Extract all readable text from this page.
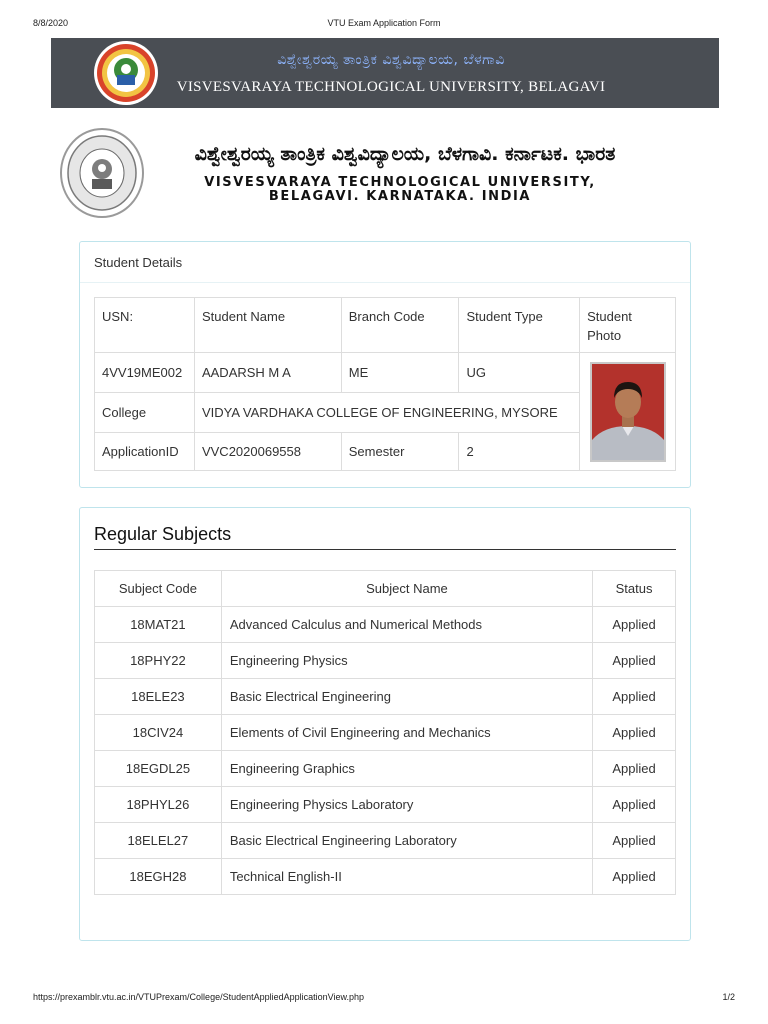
8/8/2020	VTU Exam Application Form
ವಿಶ್ವೇಶ್ವರಯ್ಯ ತಾಂತ್ರಿಕ ವಿಶ್ವವಿದ್ಯಾಲಯ, ಬೆಳಗಾವಿ
VISVESVARAYA TECHNOLOGICAL UNIVERSITY, BELAGAVI
ವಿಶ್ವೇಶ್ವರಯ್ಯ ತಾಂತ್ರಿಕ ವಿಶ್ವವಿದ್ಯಾಲಯ, ಬೆಳಗಾವಿ. ಕರ್ನಾಟಕ. ಭಾರತ
VISVESVARAYA TECHNOLOGICAL UNIVERSITY,
BELAGAVI. KARNATAKA. INDIA
Student Details
USN:	Student Name	Branch Code	Student Type	Student
Photo

4VV19ME002	AADARSH M A	ME	UG	

College	VIDYA VARDHAKA COLLEGE OF ENGINEERING, MYSORE			
ApplicationID	VVC2020069558	Semester	2	
Regular Subjects
Subject Code	Subject Name	Status
18MAT21	Advanced Calculus and Numerical Methods	Applied
18PHY22	Engineering Physics	Applied
18ELE23	Basic Electrical Engineering	Applied
18CIV24	Elements of Civil Engineering and Mechanics	Applied
18EGDL25	Engineering Graphics	Applied
18PHYL26	Engineering Physics Laboratory	Applied
18ELEL27	Basic Electrical Engineering Laboratory	Applied
18EGH28	Technical English-II	Applied
https://prexamblr.vtu.ac.in/VTUPrexam/College/StudentAppliedApplicationView.php	1/2
